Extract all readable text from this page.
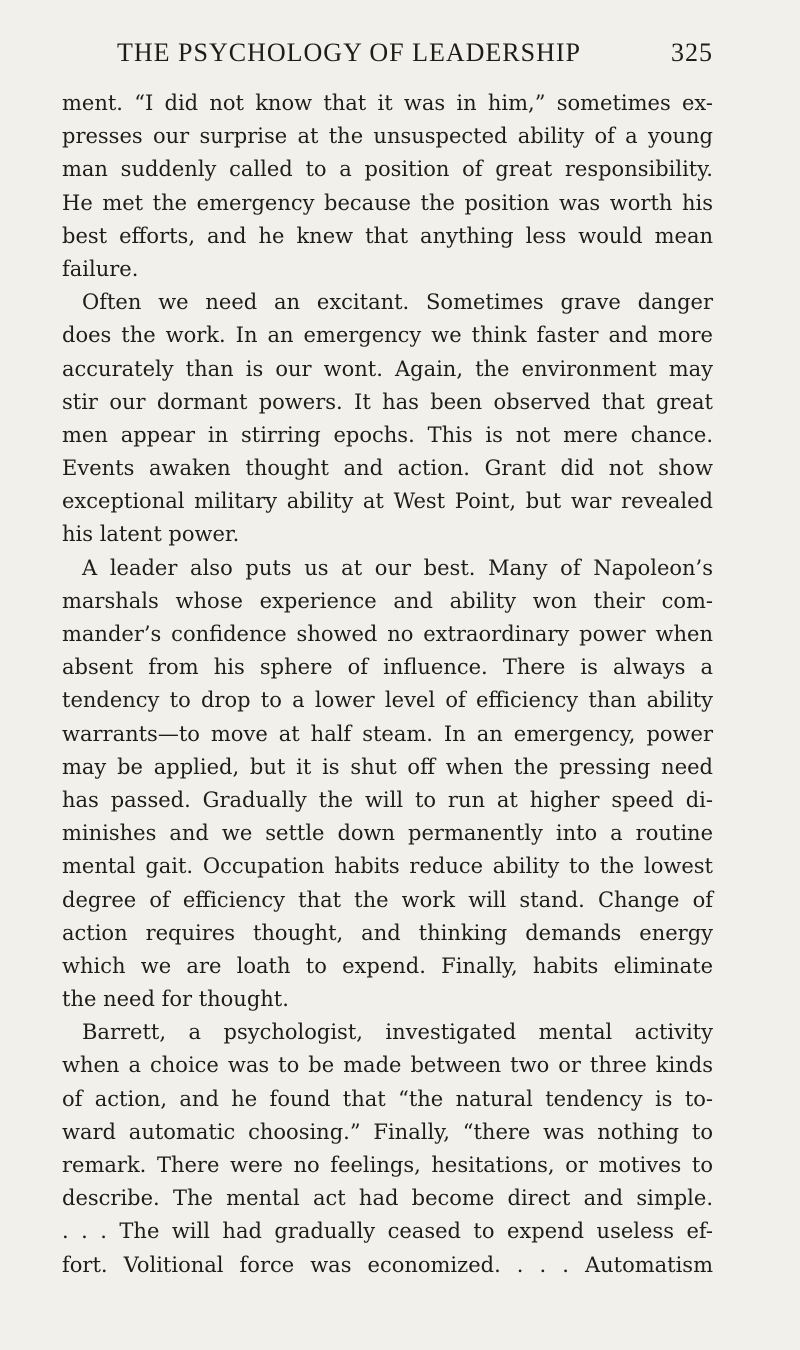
THE PSYCHOLOGY OF LEADERSHIP	325
ment. “I did not know that it was in him,” sometimes ex-
presses our surprise at the unsuspected ability of a young
man suddenly called to a position of great responsibility.
He met the emergency because the position was worth his
best efforts, and he knew that anything less would mean
failure.
Often we need an excitant. Sometimes grave danger
does the work. In an emergency we think faster and more
accurately than is our wont. Again, the environment may
stir our dormant powers. It has been observed that great
men appear in stirring epochs. This is not mere chance.
Events awaken thought and action. Grant did not show
exceptional military ability at West Point, but war revealed
his latent power.
A leader also puts us at our best. Many of Napoleon’s
marshals whose experience and ability won their com-
mander’s confidence showed no extraordinary power when
absent from his sphere of influence. There is always a
tendency to drop to a lower level of efficiency than ability
warrants—to move at half steam. In an emergency, power
may be applied, but it is shut off when the pressing need
has passed. Gradually the will to run at higher speed di-
minishes and we settle down permanently into a routine
mental gait. Occupation habits reduce ability to the lowest
degree of efficiency that the work will stand. Change of
action requires thought, and thinking demands energy
which we are loath to expend. Finally, habits eliminate
the need for thought.
Barrett, a psychologist, investigated mental activity
when a choice was to be made between two or three kinds
of action, and he found that “the natural tendency is to-
ward automatic choosing.” Finally, “there was nothing to
remark. There were no feelings, hesitations, or motives to
describe. The mental act had become direct and simple.
. . . The will had gradually ceased to expend useless ef-
fort. Volitional force was economized. . . . Automatism
